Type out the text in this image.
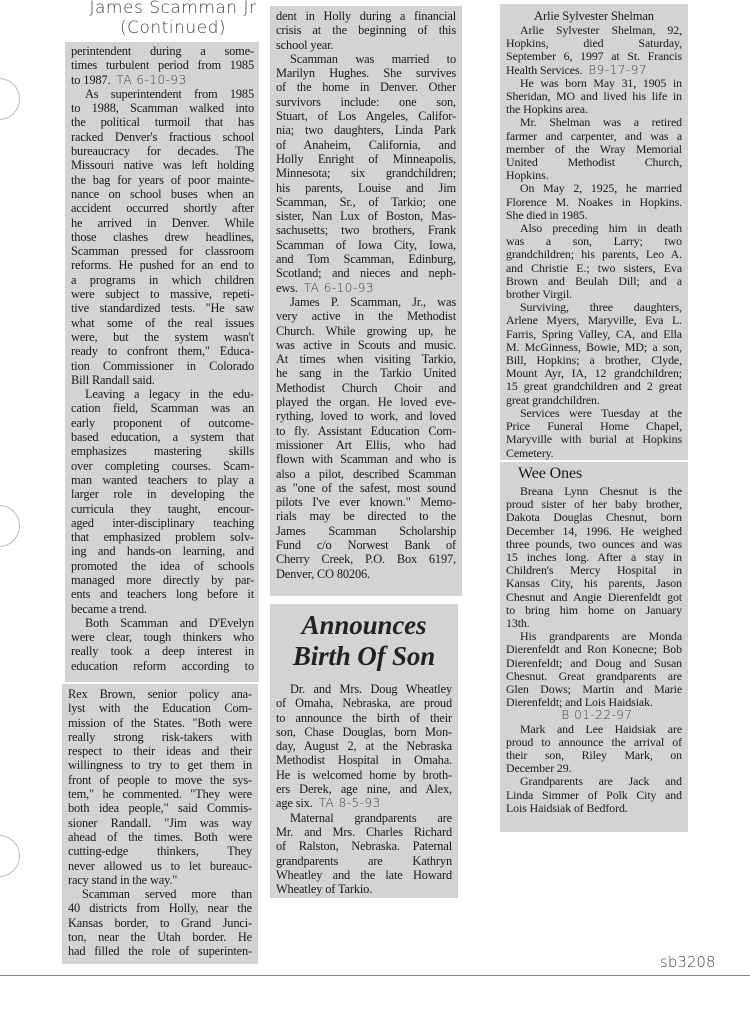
James Scamman Jr
(Continued)
perintendent during a some-
times turbulent period from 1985
to 1987. TA 6-10-93
As superintendent from 1985
to 1988, Scamman walked into
the political turmoil that has
racked Denver's fractious school
bureaucracy for decades. The
Missouri native was left holding
the bag for years of poor mainte-
nance on school buses when an
accident occurred shortly after
he arrived in Denver. While
those clashes drew headlines,
Scamman pressed for classroom
reforms. He pushed for an end to
a programs in which children
were subject to massive, repeti-
tive standardized tests. "He saw
what some of the real issues
were, but the system wasn't
ready to confront them," Educa-
tion Commissioner in Colorado
Bill Randall said.
Leaving a legacy in the edu-
cation field, Scamman was an
early proponent of outcome-
based education, a system that
emphasizes mastering skills
over completing courses. Scam-
man wanted teachers to play a
larger role in developing the
curricula they taught, encour-
aged inter-disciplinary teaching
that emphasized problem solv-
ing and hands-on learning, and
promoted the idea of schools
managed more directly by par-
ents and teachers long before it
became a trend.
Both Scamman and D'Evelyn
were clear, tough thinkers who
really took a deep interest in
education reform according to
Rex Brown, senior policy ana-
lyst with the Education Com-
mission of the States. "Both were
really strong risk-takers with
respect to their ideas and their
willingness to try to get them in
front of people to move the sys-
tem," he commented. "They were
both idea people," said Commis-
sioner Randall. "Jim was way
ahead of the times. Both were
cutting-edge thinkers, They
never allowed us to let bureauc-
racy stand in the way."
Scamman served more than
40 districts from Holly, near the
Kansas border, to Grand Junci-
ton, near the Utah border. He
had filled the role of superinten-
dent in Holly during a financial
crisis at the beginning of this
school year.
Scamman was married to
Marilyn Hughes. She survives
of the home in Denver. Other
survivors include: one son,
Stuart, of Los Angeles, Califor-
nia; two daughters, Linda Park
of Anaheim, California, and
Holly Enright of Minneapolis,
Minnesota; six grandchildren;
his parents, Louise and Jim
Scamman, Sr., of Tarkio; one
sister, Nan Lux of Boston, Mas-
sachusetts; two brothers, Frank
Scamman of Iowa City, Iowa,
and Tom Scamman, Edinburg,
Scotland; and nieces and neph-
ews. TA 6-10-93
James P. Scamman, Jr., was
very active in the Methodist
Church. While growing up, he
was active in Scouts and music.
At times when visiting Tarkio,
he sang in the Tarkio United
Methodist Church Choir and
played the organ. He loved eve-
rything, loved to work, and loved
to fly. Assistant Education Com-
missioner Art Ellis, who had
flown with Scamman and who is
also a pilot, described Scamman
as "one of the safest, most sound
pilots I've ever known." Memo-
rials may be directed to the
James Scamman Scholarship
Fund c/o Norwest Bank of
Cherry Creek, P.O. Box 6197,
Denver, CO 80206.
Announces
Birth Of Son
Dr. and Mrs. Doug Wheatley
of Omaha, Nebraska, are proud
to announce the birth of their
son, Chase Douglas, born Mon-
day, August 2, at the Nebraska
Methodist Hospital in Omaha.
He is welcomed home by broth-
ers Derek, age nine, and Alex,
age six. TA 8-5-93
Maternal grandparents are
Mr. and Mrs. Charles Richard
of Ralston, Nebraska. Paternal
grandparents are Kathryn
Wheatley and the late Howard
Wheatley of Tarkio.
Arlie Sylvester Shelman
Arlie Sylvester Shelman, 92,
Hopkins, died Saturday,
September 6, 1997 at St. Francis
Health Services. B9-17-97
He was born May 31, 1905 in
Sheridan, MO and lived his life in
the Hopkins area.
Mr. Shelman was a retired
farmer and carpenter, and was a
member of the Wray Memorial
United Methodist Church,
Hopkins.
On May 2, 1925, he married
Florence M. Noakes in Hopkins.
She died in 1985.
Also preceding him in death
was a son, Larry; two
grandchildren; his parents, Leo A.
and Christie E.; two sisters, Eva
Brown and Beulah Dill; and a
brother Virgil.
Surviving, three daughters,
Arlene Myers, Maryville, Eva L.
Farris, Spring Valley, CA, and Ella
M. McGinness, Bowie, MD; a son,
Bill, Hopkins; a brother, Clyde,
Mount Ayr, IA, 12 grandchildren;
15 great grandchildren and 2 great
great grandchildren.
Services were Tuesday at the
Price Funeral Home Chapel,
Maryville with burial at Hopkins
Cemetery.
Wee Ones
Breana Lynn Chesnut is the
proud sister of her baby brother,
Dakota Douglas Chesnut, born
December 14, 1996. He weighed
three pounds, two ounces and was
15 inches long. After a stay in
Children's Mercy Hospital in
Kansas City, his parents, Jason
Chesnut and Angie Dierenfeldt got
to bring him home on January
13th.
His grandparents are Monda
Dierenfeldt and Ron Konecne; Bob
Dierenfeldt; and Doug and Susan
Chesnut. Great grandparents are
Glen Dows; Martin and Marie
Dierenfeldt; and Lois Haidsiak.
B 01-22-97
Mark and Lee Haidsiak are
proud to announce the arrival of
their son, Riley Mark, on
December 29.
Grandparents are Jack and
Linda Simmer of Polk City and
Lois Haidsiak of Bedford.
sb3208
